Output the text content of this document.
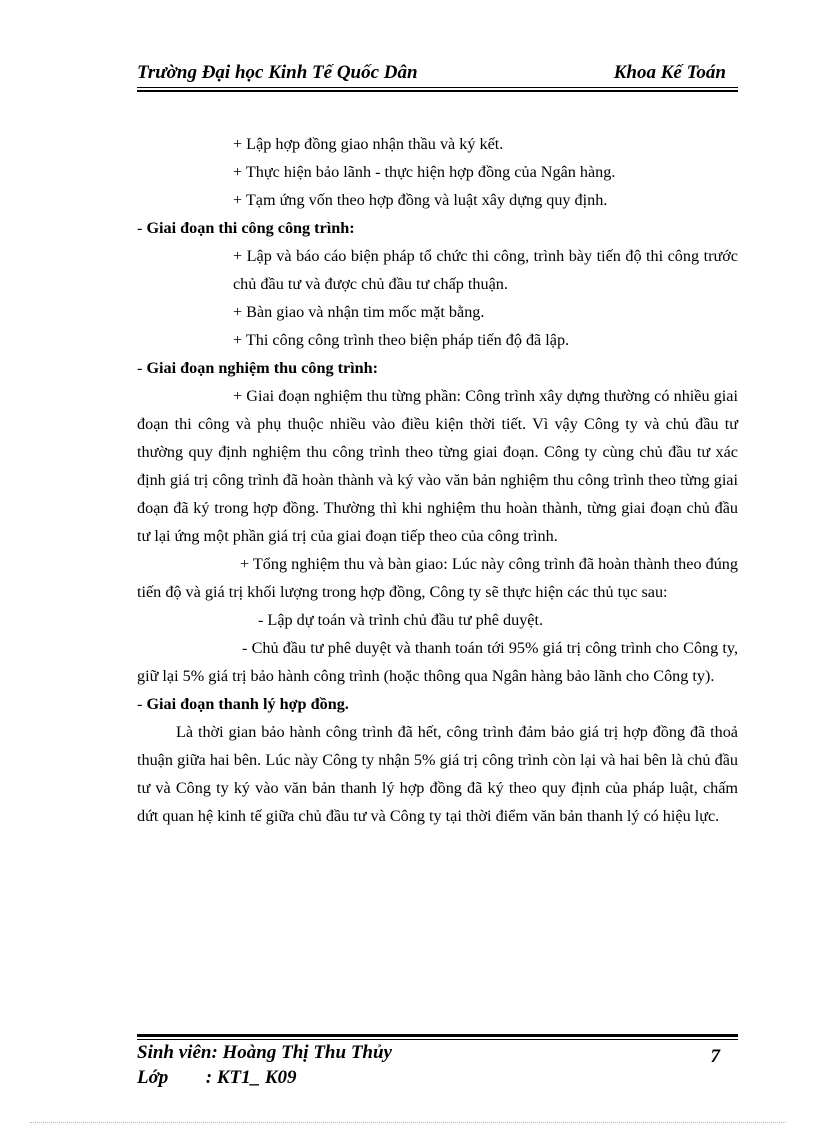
Trường Đại học Kinh Tế Quốc Dân	Khoa Kế Toán
+ Lập hợp đồng giao nhận thầu và ký kết.
+ Thực hiện bảo lãnh - thực hiện hợp đồng của Ngân hàng.
+ Tạm ứng vốn theo hợp đồng và luật xây dựng quy định.
- Giai đoạn thi công công trình:
+ Lập và báo cáo biện pháp tổ chức thi công, trình bày tiến độ thi công trước chủ đầu tư và được chủ đầu tư chấp thuận.
+ Bàn giao và nhận tim mốc mặt bằng.
+ Thi công công trình theo biện pháp tiến độ đã lập.
- Giai đoạn nghiệm thu công trình:
+ Giai đoạn nghiệm thu từng phần: Công trình xây dựng thường có nhiều giai đoạn thi công và phụ thuộc nhiều vào điều kiện thời tiết. Vì vậy Công ty và chủ đầu tư thường quy định nghiệm thu công trình theo từng giai đoạn. Công ty cùng chủ đầu tư xác định giá trị công trình đã hoàn thành và ký vào văn bản nghiệm thu công trình theo từng giai đoạn đã ký trong hợp đồng. Thường thì khi nghiệm thu hoàn thành, từng giai đoạn chủ đầu tư lại ứng một phần giá trị của giai đoạn tiếp theo của công trình.
+ Tổng nghiệm thu và bàn giao: Lúc này công trình đã hoàn thành theo đúng tiến độ và giá trị khối lượng trong hợp đồng, Công ty sẽ thực hiện các thủ tục sau:
- Lập dự toán và trình chủ đầu tư phê duyệt.
- Chủ đầu tư phê duyệt và thanh toán tới 95% giá trị công trình cho Công ty, giữ lại 5% giá trị bảo hành công trình (hoặc thông qua Ngân hàng bảo lãnh cho Công ty).
- Giai đoạn thanh lý hợp đồng.
Là thời gian bảo hành công trình đã hết, công trình đảm bảo giá trị hợp đồng đã thoả thuận giữa hai bên. Lúc này Công ty nhận 5% giá trị công trình còn lại và hai bên là chủ đầu tư và Công ty ký vào văn bản thanh lý hợp đồng đã ký theo quy định của pháp luật, chấm dứt quan hệ kinh tế giữa chủ đầu tư và Công ty tại thời điểm văn bản thanh lý có hiệu lực.
Sinh viên: Hoàng Thị Thu Thủy
Lớp : KT1_ K09
7
